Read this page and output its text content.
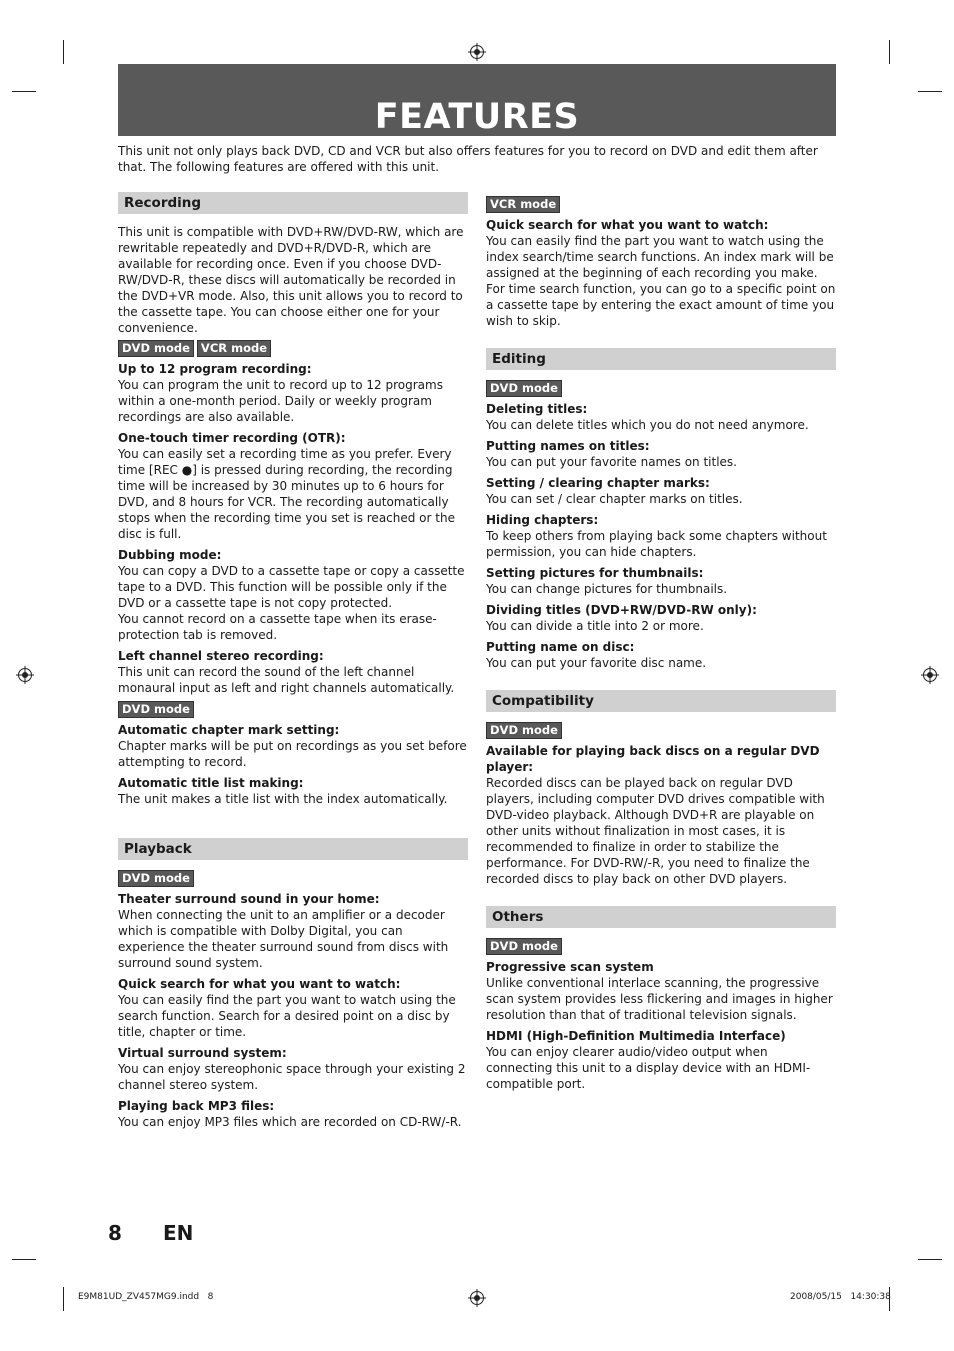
FEATURES

This unit not only plays back DVD, CD and VCR but also offers features for you to record on DVD and edit them after that. The following features are offered with this unit.

Recording

This unit is compatible with DVD+RW/DVD-RW, which are rewritable repeatedly and DVD+R/DVD-R, which are available for recording once. Even if you choose DVD-RW/DVD-R, these discs will automatically be recorded in the DVD+VR mode. Also, this unit allows you to record to the cassette tape. You can choose either one for your convenience.

DVD mode VCR mode
Up to 12 program recording:

You can program the unit to record up to 12 programs within a one-month period. Daily or weekly program recordings are also available.

One-touch timer recording (OTR):

You can easily set a recording time as you prefer. Every time [REC ●] is pressed during recording, the recording time will be increased by 30 minutes up to 6 hours for DVD, and 8 hours for VCR. The recording automatically stops when the recording time you set is reached or the disc is full.

Dubbing mode:

You can copy a DVD to a cassette tape or copy a cassette tape to a DVD. This function will be possible only if the DVD or a cassette tape is not copy protected.

You cannot record on a cassette tape when its erase-protection tab is removed.

Left channel stereo recording:

This unit can record the sound of the left channel monaural input as left and right channels automatically.

DVD mode
Automatic chapter mark setting:

Chapter marks will be put on recordings as you set before attempting to record.

Automatic title list making:

The unit makes a title list with the index automatically.

Playback
DVD mode
Theater surround sound in your home:

When connecting the unit to an amplifier or a decoder which is compatible with Dolby Digital, you can experience the theater surround sound from discs with surround sound system.

Quick search for what you want to watch:

You can easily find the part you want to watch using the search function. Search for a desired point on a disc by title, chapter or time.

Virtual surround system:

You can enjoy stereophonic space through your existing 2 channel stereo system.

Playing back MP3 files:

You can enjoy MP3 files which are recorded on CD-RW/-R.

VCR mode
Quick search for what you want to watch:

You can easily find the part you want to watch using the index search/time search functions. An index mark will be assigned at the beginning of each recording you make. For time search function, you can go to a specific point on a cassette tape by entering the exact amount of time you wish to skip.

Editing
DVD mode
Deleting titles:

You can delete titles which you do not need anymore.

Putting names on titles:

You can put your favorite names on titles.

Setting / clearing chapter marks:

You can set / clear chapter marks on titles.

Hiding chapters:

To keep others from playing back some chapters without permission, you can hide chapters.

Setting pictures for thumbnails:

You can change pictures for thumbnails.

Dividing titles (DVD+RW/DVD-RW only):

You can divide a title into 2 or more.

Putting name on disc:

You can put your favorite disc name.

Compatibility
DVD mode
Available for playing back discs on a regular DVD player:

Recorded discs can be played back on regular DVD players, including computer DVD drives compatible with DVD-video playback. Although DVD+R are playable on other units without finalization in most cases, it is recommended to finalize in order to stabilize the performance. For DVD-RW/-R, you need to finalize the recorded discs to play back on other DVD players.

Others
DVD mode
Progressive scan system

Unlike conventional interlace scanning, the progressive scan system provides less flickering and images in higher resolution than that of traditional television signals.

HDMI (High-Definition Multimedia Interface)

You can enjoy clearer audio/video output when connecting this unit to a display device with an HDMI-compatible port.

8 EN
E9M81UD_ZV457MG9.indd   8	2008/05/15   14:30:38
